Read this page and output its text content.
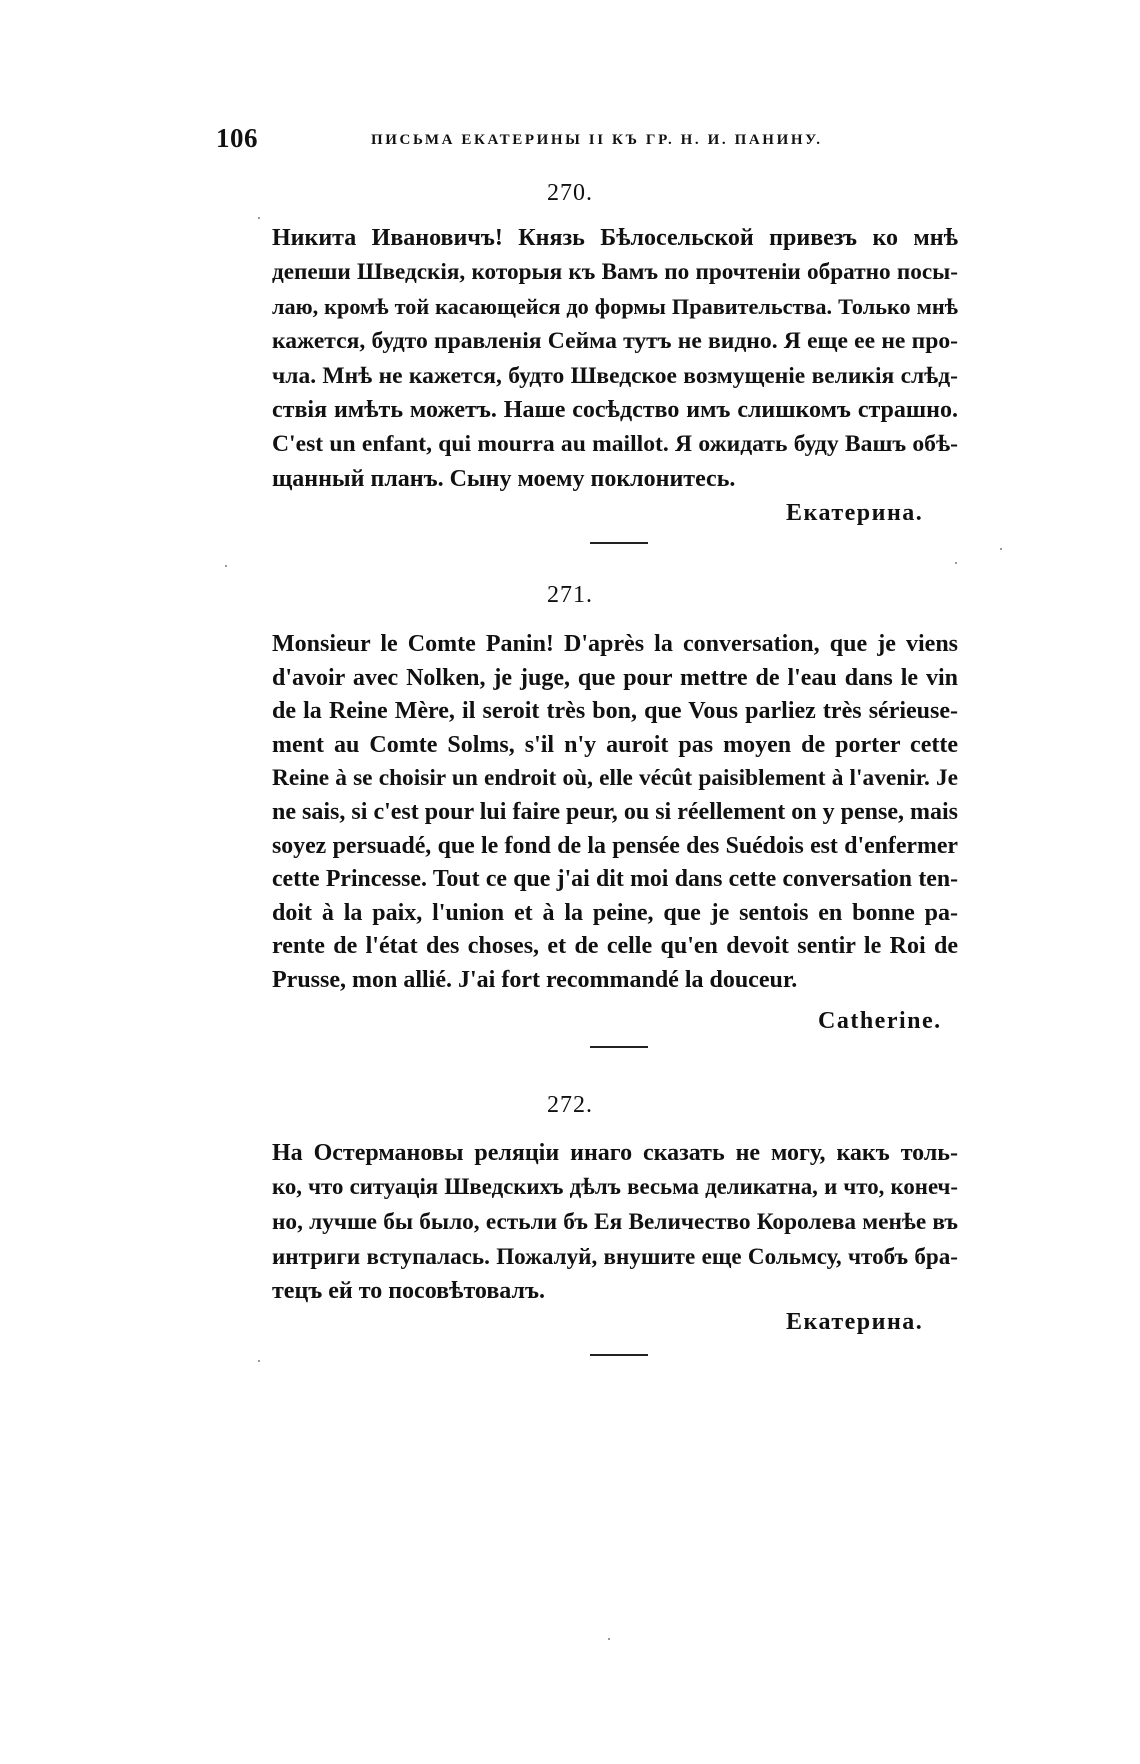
106	ПИСЬМА ЕКАТЕРИНЫ II КЪ ГР. Н. И. ПАНИНУ.
270.
Никита Ивановичъ! Князь Бѣлосельской привезъ ко мнѣ
депеши Шведскія, которыя къ Вамъ по прочтеніи обратно посы-
лаю, кромѣ той касающейся до формы Правительства. Только мнѣ
кажется, будто правленія Сейма тутъ не видно. Я еще ее не про-
чла. Мнѣ не кажется, будто Шведское возмущеніе великія слѣд-
ствія имѣть можетъ. Наше сосѣдство имъ слишкомъ страшно.
C'est un enfant, qui mourra au maillot. Я ожидать буду Вашъ обѣ-
щанный планъ. Сыну моему поклонитесь.
Екатерина.
271.
Monsieur le Comte Panin! D'après la conversation, que je viens
d'avoir avec Nolken, je juge, que pour mettre de l'eau dans le vin
de la Reine Mère, il seroit très bon, que Vous parliez très sérieuse-
ment au Comte Solms, s'il n'y auroit pas moyen de porter cette
Reine à se choisir un endroit où, elle vécût paisiblement à l'avenir. Je
ne sais, si c'est pour lui faire peur, ou si réellement on y pense, mais
soyez persuadé, que le fond de la pensée des Suédois est d'enfermer
cette Princesse. Tout ce que j'ai dit moi dans cette conversation ten-
doit à la paix, l'union et à la peine, que je sentois en bonne pa-
rente de l'état des choses, et de celle qu'en devoit sentir le Roi de
Prusse, mon allié. J'ai fort recommandé la douceur.
Catherine.
272.
На Остермановы реляціи инаго сказать не могу, какъ толь-
ко, что ситуація Шведскихъ дѣлъ весьма деликатна, и что, конеч-
но, лучше бы было, естьли бъ Ея Величество Королева менѣе въ
интриги вступалась. Пожалуй, внушите еще Сольмсу, чтобъ бра-
тецъ ей то посовѣтовалъ.
Екатерина.
